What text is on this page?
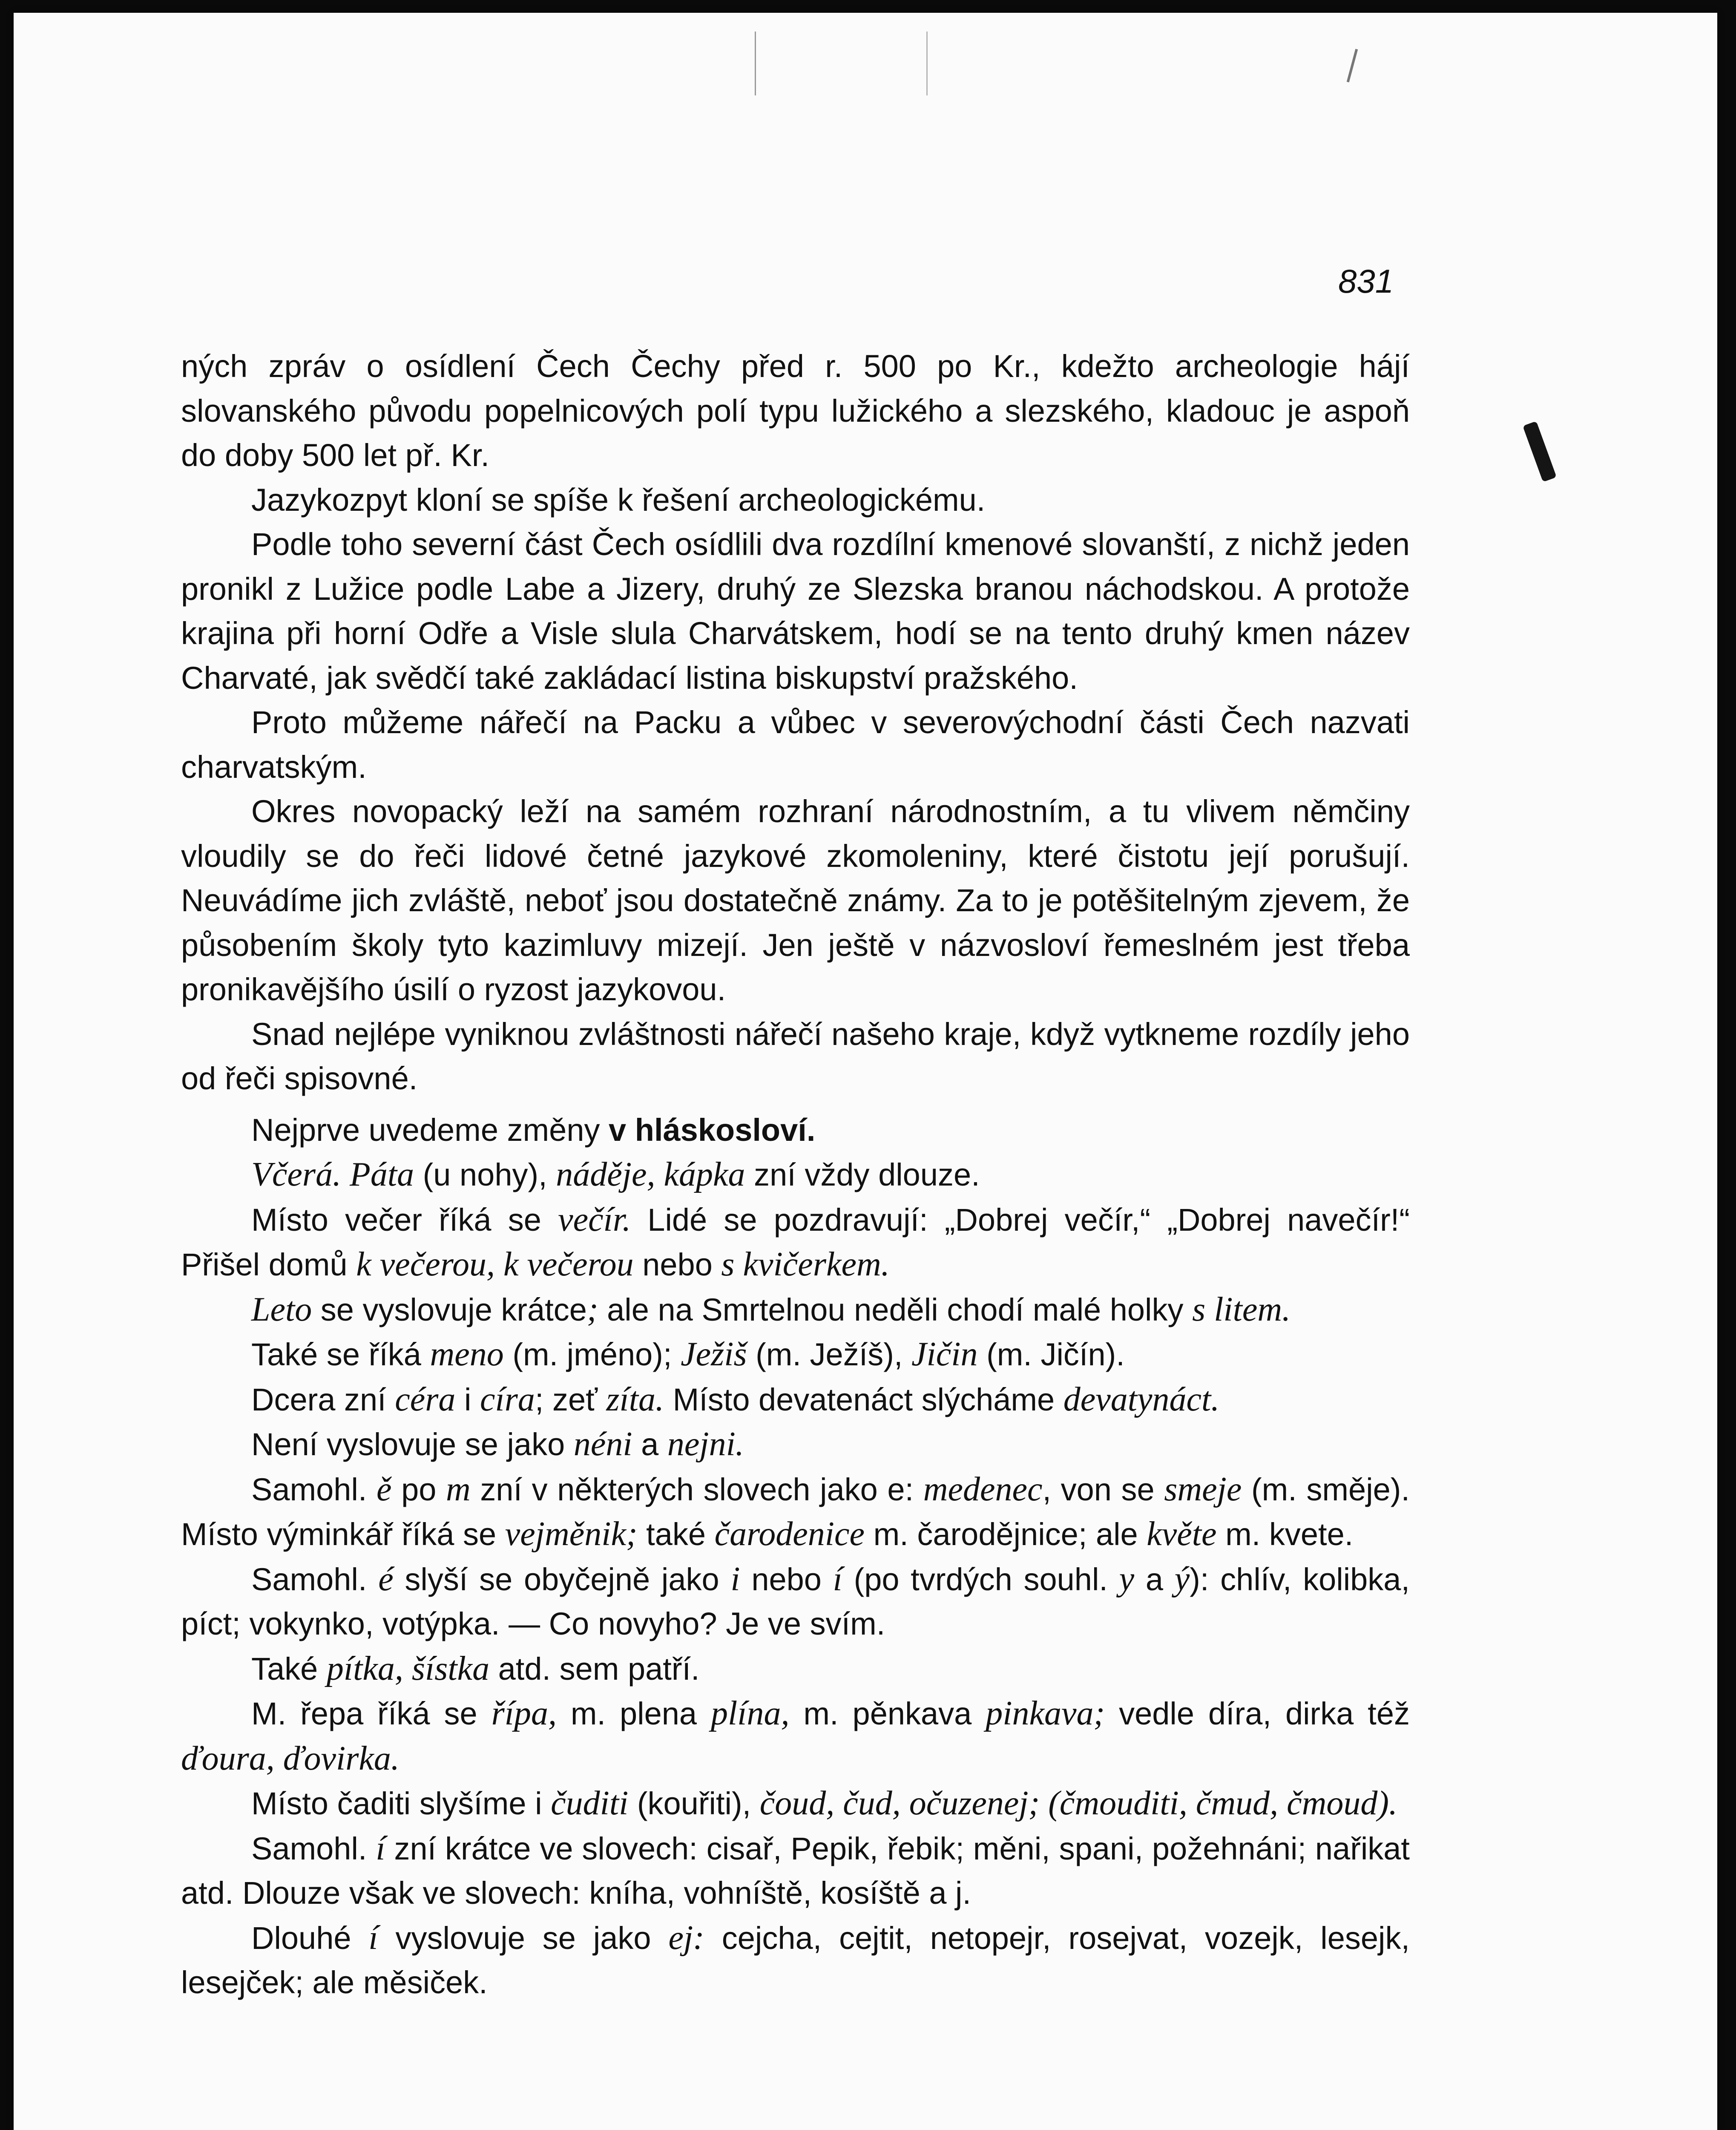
831

ných zpráv o osídlení Čech Čechy před r. 500 po Kr., kdežto archeologie hájí slovanského původu popelnicových polí typu lužického a slezského, kladouc je aspoň do doby 500 let př. Kr.

Jazykozpyt kloní se spíše k řešení archeologickému.

Podle toho severní část Čech osídlili dva rozdílní kmenové slovanští, z nichž jeden pronikl z Lužice podle Labe a Jizery, druhý ze Slezska branou náchodskou. A protože krajina při horní Odře a Visle slula Charvátskem, hodí se na tento druhý kmen název Charvaté, jak svědčí také zakládací listina biskupství pražského.

Proto můžeme nářečí na Packu a vůbec v severovýchodní části Čech nazvati charvatským.

Okres novopacký leží na samém rozhraní národnostním, a tu vlivem němčiny vloudily se do řeči lidové četné jazykové zkomoleniny, které čistotu její porušují. Neuvádíme jich zvláště, neboť jsou dostatečně známy. Za to je potěšitelným zjevem, že působením školy tyto kazimluvy mizejí. Jen ještě v názvosloví řemeslném jest třeba pronikavějšího úsilí o ryzost jazykovou.

Snad nejlépe vyniknou zvláštnosti nářečí našeho kraje, když vytkneme rozdíly jeho od řeči spisovné.

Nejprve uvedeme změny v hláskosloví.

Včerá. Páta (u nohy), náděje, kápka zní vždy dlouze.

Místo večer říká se večír. Lidé se pozdravují: „Dobrej večír,“ „Dobrej navečír!“ Přišel domů k večerou, k večerou nebo s kvičerkem.

Leto se vyslovuje krátce; ale na Smrtelnou neděli chodí malé holky s litem.

Také se říká meno (m. jméno); Ježiš (m. Ježíš), Jičin (m. Jičín).

Dcera zní céra i círa; zeť zíta. Místo devatenáct slýcháme devatynáct.

Není vyslovuje se jako néni a nejni.

Samohl. ě po m zní v některých slovech jako e: medenec, von se smeje (m. směje). Místo výminkář říká se vejměnik; také čarodenice m. čarodějnice; ale květe m. kvete.

Samohl. é slyší se obyčejně jako i nebo í (po tvrdých souhl. y a ý): chlív, kolibka, píct; vokynko, votýpka. — Co novyho? Je ve svím.

Také pítka, šístka atd. sem patří.

M. řepa říká se řípa, m. plena plína, m. pěnkava pinkava; vedle díra, dirka též ďoura, ďovirka.

Místo čaditi slyšíme i čuditi (kouřiti), čoud, čud, očuzenej; (čmouditi, čmud, čmoud).

Samohl. í zní krátce ve slovech: cisař, Pepik, řebik; měni, spani, požehnáni; nařikat atd. Dlouze však ve slovech: kníha, vohníště, kosíště a j.

Dlouhé í vyslovuje se jako ej: cejcha, cejtit, netopejr, rosejvat, vozejk, lesejk, lesejček; ale měsiček.
